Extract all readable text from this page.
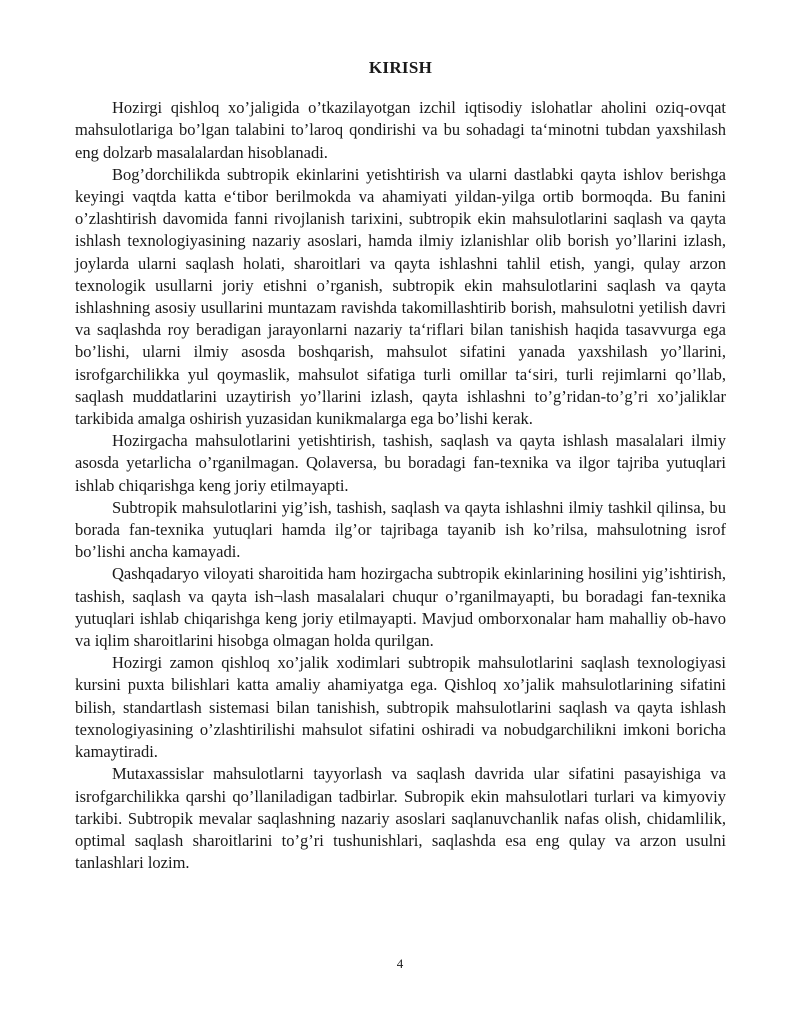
KIRISH

Hozirgi qishloq xo’jaligida o’tkazilayotgan izchil iqtisodiy islohatlar aholini oziq-ovqat mahsulotlariga bo’lgan talabini to’laroq qondirishi va bu sohadagi ta‘minotni tubdan yaxshilash eng dolzarb masalalardan hisoblanadi.

Bog’dorchilikda subtropik ekinlarini yetishtirish va ularni dastlabki qayta ishlov berishga keyingi vaqtda katta e‘tibor berilmokda va ahamiyati yildan-yilga ortib bormoqda. Bu fanini o’zlashtirish davomida fanni rivojlanish tarixini, subtropik ekin mahsulotlarini saqlash va qayta ishlash texnologiyasining nazariy asoslari, hamda ilmiy izlanishlar olib borish yo’llarini izlash, joylarda ularni saqlash holati, sharoitlari va qayta ishlashni tahlil etish, yangi, qulay arzon texnologik usullarni joriy etishni o’rganish, subtropik ekin mahsulotlarini saqlash va qayta ishlashning asosiy usullarini muntazam ravishda takomillashtirib borish, mahsulotni yetilish davri va saqlashda roy beradigan jarayonlarni nazariy ta‘riflari bilan tanishish haqida tasavvurga ega bo’lishi, ularni ilmiy asosda boshqarish, mahsulot sifatini yanada yaxshilash yo’llarini, isrofgarchilikka yul qoymaslik, mahsulot sifatiga turli omillar ta‘siri, turli rejimlarni qo’llab, saqlash muddatlarini uzaytirish yo’llarini izlash, qayta ishlashni to’g’ridan-to’g’ri xo’jaliklar tarkibida amalga oshirish yuzasidan kunikmalarga ega bo’lishi kerak.

Hozirgacha mahsulotlarini yetishtirish, tashish, saqlash va qayta ishlash masalalari ilmiy asosda yetarlicha o’rganilmagan. Qolaversa, bu boradagi fan-texnika va ilgor tajriba yutuqlari ishlab chiqarishga keng joriy etilmayapti.

Subtropik mahsulotlarini yig’ish, tashish, saqlash va qayta ishlashni ilmiy tashkil qilinsa, bu borada fan-texnika yutuqlari hamda ilg’or tajribaga tayanib ish ko’rilsa, mahsulotning isrof bo’lishi ancha kamayadi.

Qashqadaryo viloyati sharoitida ham hozirgacha subtropik ekinlarining hosilini yig’ishtirish, tashish, saqlash va qayta ish¬lash masalalari chuqur o’rganilmayapti, bu boradagi fan-texnika yutuqlari ishlab chiqarishga keng joriy etilmayapti. Mavjud omborxonalar ham mahalliy ob-havo va iqlim sharoitlarini hisobga olmagan holda qurilgan.

Hozirgi zamon qishloq xo’jalik xodimlari subtropik mahsulotlarini saqlash texnologiyasi kursini puxta bilishlari katta amaliy ahamiyatga ega. Qishloq xo’jalik mahsulotlarining sifatini bilish, standartlash sistemasi bilan tanishish, subtropik mahsulotlarini saqlash va qayta ishlash texnologiyasining o’zlashtirilishi mahsulot sifatini oshiradi va nobudgarchilikni imkoni boricha kamaytiradi.

Mutaxassislar mahsulotlarni tayyorlash va saqlash davrida ular sifatini pasayishiga va isrofgarchilikka qarshi qo’llaniladigan tadbirlar. Subropik ekin mahsulotlari turlari va kimyoviy tarkibi. Subtropik mevalar saqlashning nazariy asoslari saqlanuvchanlik nafas olish, chidamlilik, optimal saqlash sharoitlarini to’g’ri tushunishlari, saqlashda esa eng qulay va arzon usulni tanlashlari lozim.

4
